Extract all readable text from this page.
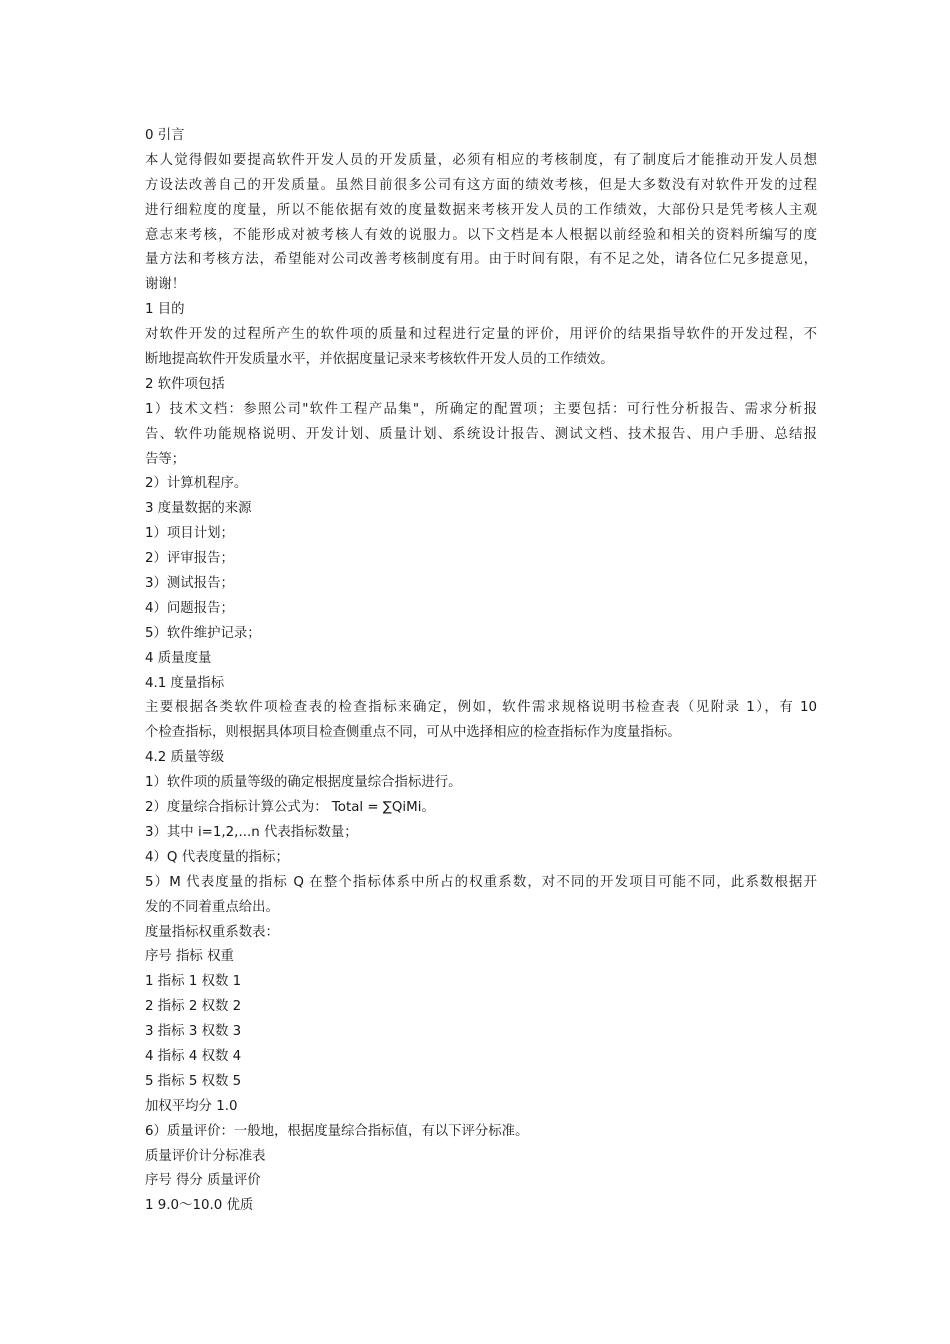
0 引言
本人觉得假如要提高软件开发人员的开发质量，必须有相应的考核制度，有了制度后才能推动开发人员想
方设法改善自己的开发质量。虽然目前很多公司有这方面的绩效考核，但是大多数没有对软件开发的过程
进行细粒度的度量，所以不能依据有效的度量数据来考核开发人员的工作绩效，大部份只是凭考核人主观
意志来考核，不能形成对被考核人有效的说服力。以下文档是本人根据以前经验和相关的资料所编写的度
量方法和考核方法，希望能对公司改善考核制度有用。由于时间有限，有不足之处，请各位仁兄多提意见，
谢谢！
1 目的
对软件开发的过程所产生的软件项的质量和过程进行定量的评价，用评价的结果指导软件的开发过程，不
断地提高软件开发质量水平，并依据度量记录来考核软件开发人员的工作绩效。
2 软件项包括
1）技术文档：参照公司"软件工程产品集"，所确定的配置项；主要包括：可行性分析报告、需求分析报
告、软件功能规格说明、开发计划、质量计划、系统设计报告、测试文档、技术报告、用户手册、总结报
告等；
2）计算机程序。
3 度量数据的来源
1）项目计划；
2）评审报告；
3）测试报告；
4）问题报告；
5）软件维护记录；
4 质量度量
4.1 度量指标
主要根据各类软件项检查表的检查指标来确定，例如，软件需求规格说明书检查表（见附录 1），有 10
个检查指标，则根据具体项目检查侧重点不同，可从中选择相应的检查指标作为度量指标。
4.2 质量等级
1）软件项的质量等级的确定根据度量综合指标进行。
2）度量综合指标计算公式为： Total = ∑QiMi。
3）其中 i=1,2,...n 代表指标数量；
4）Q 代表度量的指标；
5）M 代表度量的指标 Q 在整个指标体系中所占的权重系数，对不同的开发项目可能不同，此系数根据开
发的不同着重点给出。
度量指标权重系数表：
序号 指标 权重
1 指标 1 权数 1
2 指标 2 权数 2
3 指标 3 权数 3
4 指标 4 权数 4
5 指标 5 权数 5
加权平均分 1.0
6）质量评价：一般地，根据度量综合指标值，有以下评分标准。
质量评价计分标准表
序号 得分 质量评价
1 9.0～10.0 优质
